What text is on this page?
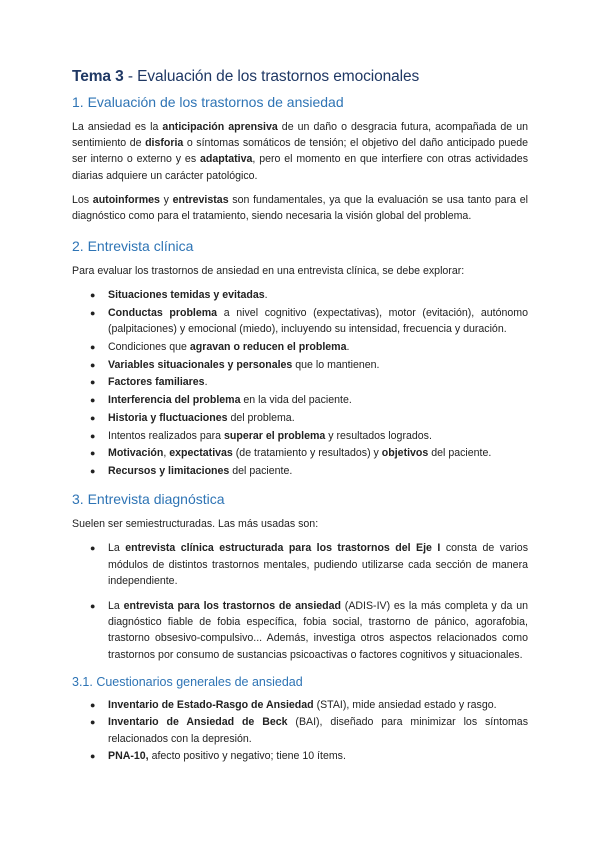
Tema 3 - Evaluación de los trastornos emocionales
1. Evaluación de los trastornos de ansiedad

La ansiedad es la anticipación aprensiva de un daño o desgracia futura, acompañada de un sentimiento de disforia o síntomas somáticos de tensión; el objetivo del daño anticipado puede ser interno o externo y es adaptativa, pero el momento en que interfiere con otras actividades diarias adquiere un carácter patológico.

Los autoinformes y entrevistas son fundamentales, ya que la evaluación se usa tanto para el diagnóstico como para el tratamiento, siendo necesaria la visión global del problema.

2. Entrevista clínica

Para evaluar los trastornos de ansiedad en una entrevista clínica, se debe explorar:

● Situaciones temidas y evitadas.
● Conductas problema a nivel cognitivo (expectativas), motor (evitación), autónomo (palpitaciones) y emocional (miedo), incluyendo su intensidad, frecuencia y duración.
● Condiciones que agravan o reducen el problema.
● Variables situacionales y personales que lo mantienen.
● Factores familiares.
● Interferencia del problema en la vida del paciente.
● Historia y fluctuaciones del problema.
● Intentos realizados para superar el problema y resultados logrados.
● Motivación, expectativas (de tratamiento y resultados) y objetivos del paciente.
● Recursos y limitaciones del paciente.
3. Entrevista diagnóstica

Suelen ser semiestructuradas. Las más usadas son:

● La entrevista clínica estructurada para los trastornos del Eje I consta de varios módulos de distintos trastornos mentales, pudiendo utilizarse cada sección de manera independiente.
● La entrevista para los trastornos de ansiedad (ADIS-IV) es la más completa y da un diagnóstico fiable de fobia específica, fobia social, trastorno de pánico, agorafobia, trastorno obsesivo-compulsivo... Además, investiga otros aspectos relacionados como trastornos por consumo de sustancias psicoactivas o factores cognitivos y situacionales.
3.1. Cuestionarios generales de ansiedad
● Inventario de Estado-Rasgo de Ansiedad (STAI), mide ansiedad estado y rasgo.
● Inventario de Ansiedad de Beck (BAI), diseñado para minimizar los síntomas relacionados con la depresión.
● PNA-10, afecto positivo y negativo; tiene 10 ítems.
